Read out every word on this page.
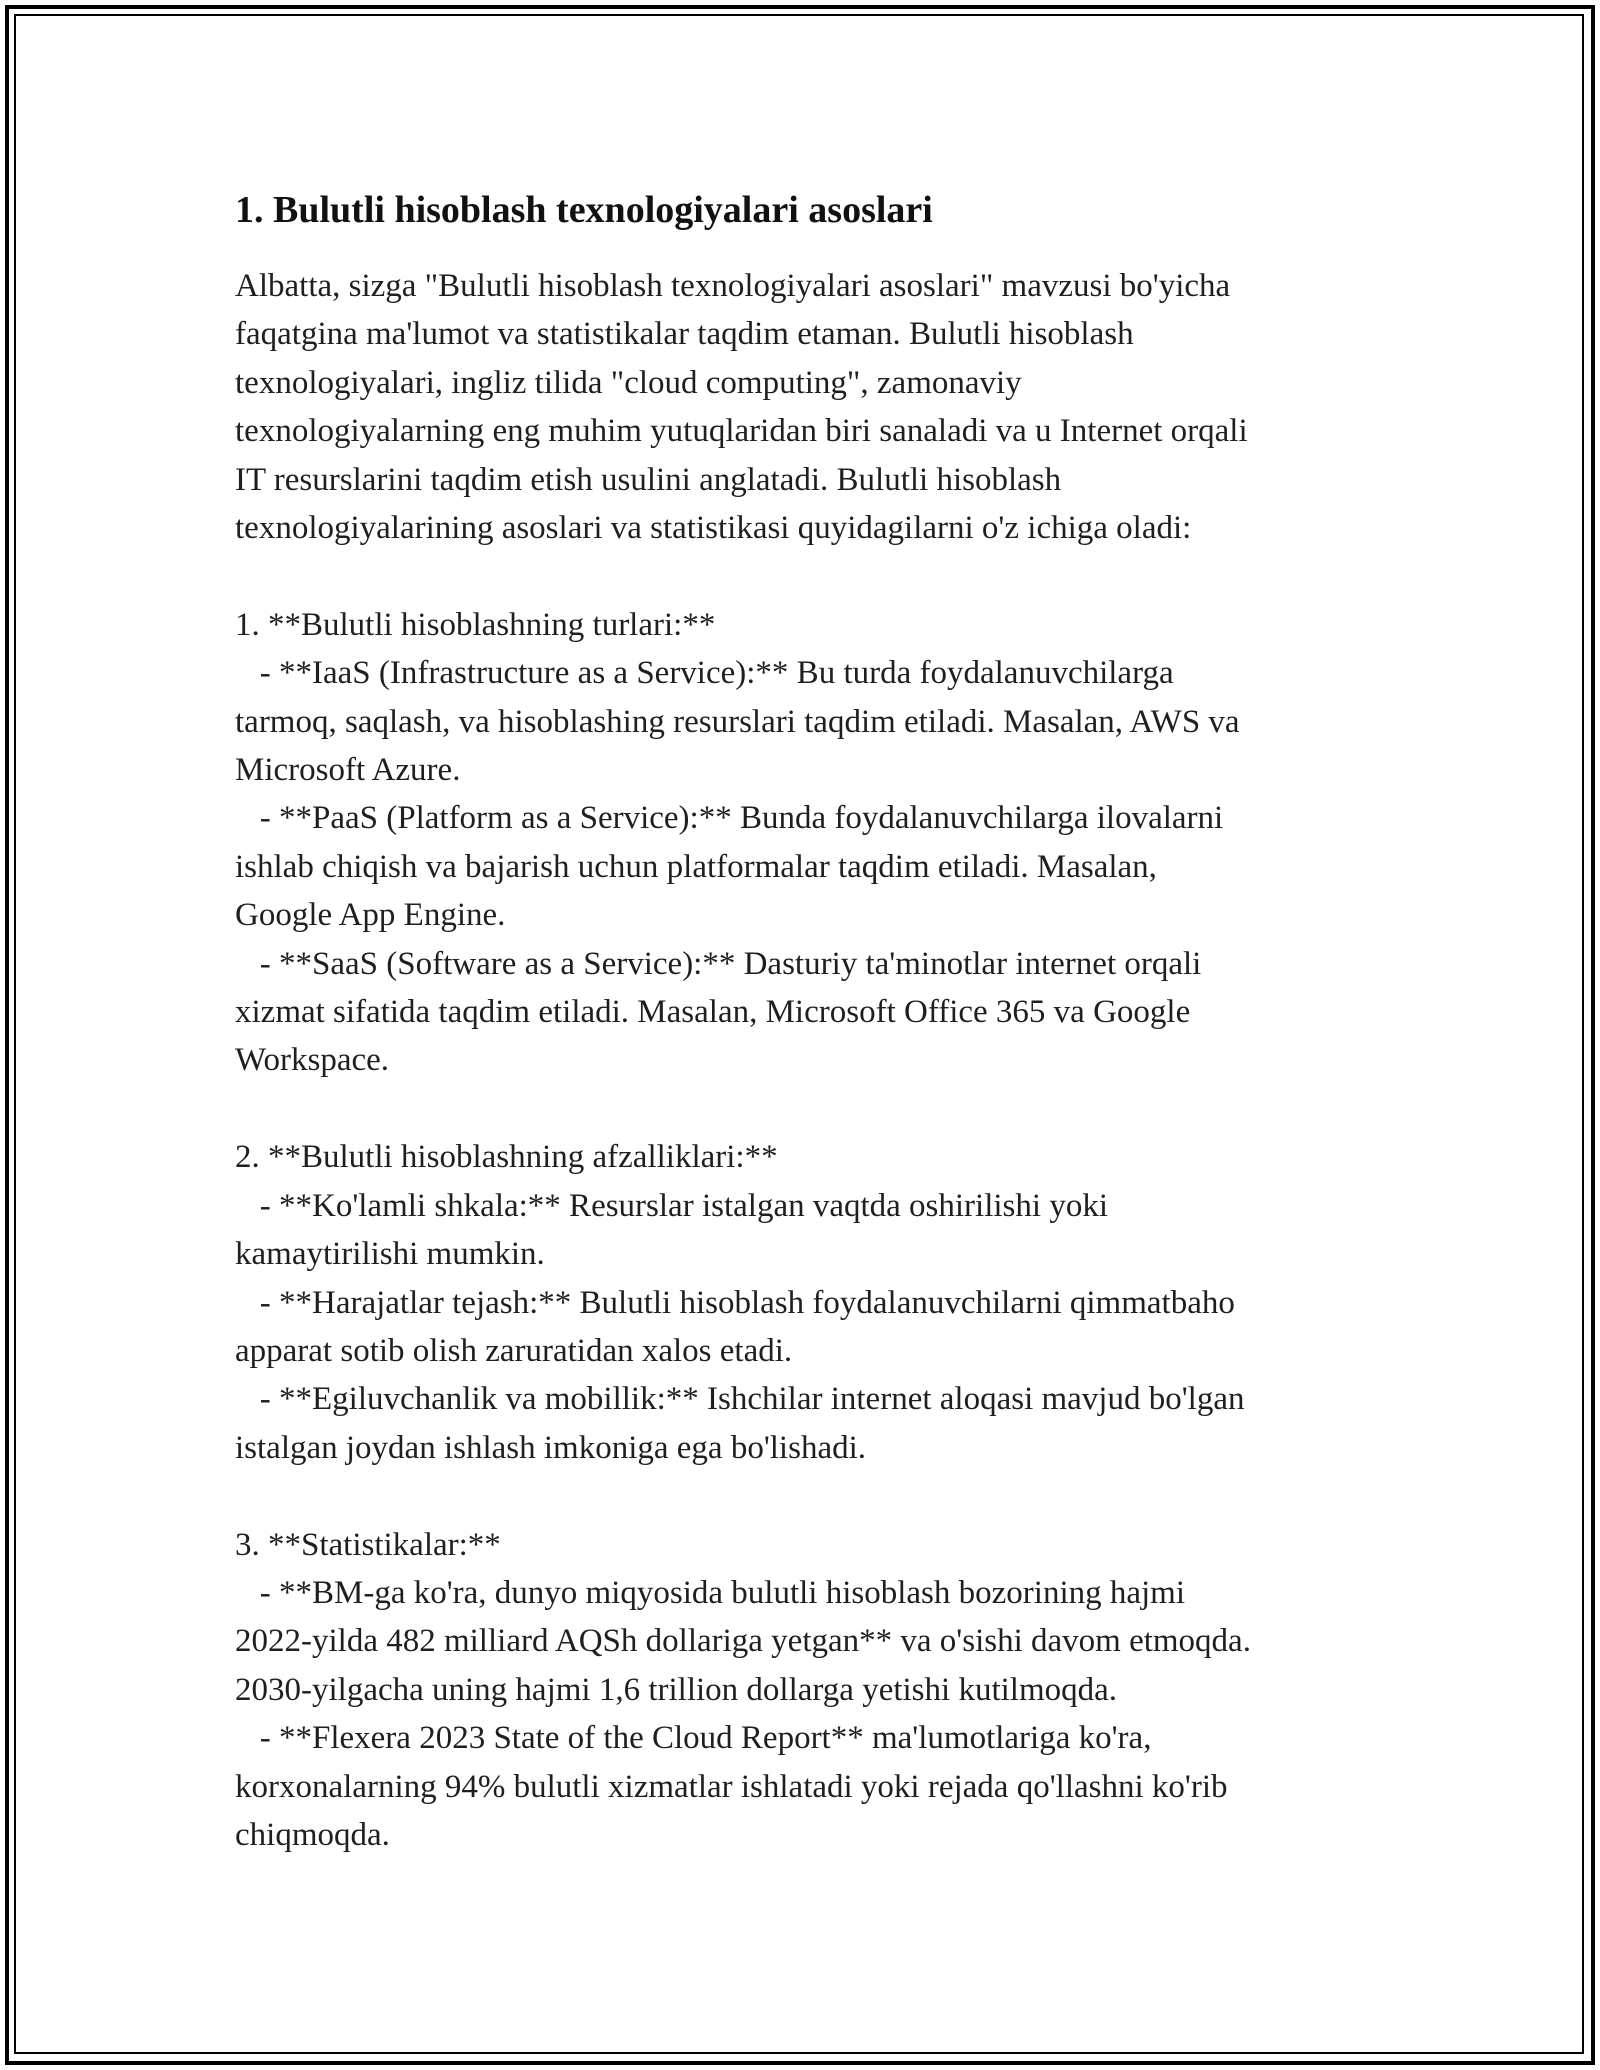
1. Bulutli hisoblash texnologiyalari asoslari
Albatta, sizga "Bulutli hisoblash texnologiyalari asoslari" mavzusi bo'yicha
faqatgina ma'lumot va statistikalar taqdim etaman. Bulutli hisoblash
texnologiyalari, ingliz tilida "cloud computing", zamonaviy
texnologiyalarning eng muhim yutuqlaridan biri sanaladi va u Internet orqali
IT resurslarini taqdim etish usulini anglatadi. Bulutli hisoblash
texnologiyalarining asoslari va statistikasi quyidagilarni o'z ichiga oladi:
1. **Bulutli hisoblashning turlari:**
- **IaaS (Infrastructure as a Service):** Bu turda foydalanuvchilarga
tarmoq, saqlash, va hisoblashing resurslari taqdim etiladi. Masalan, AWS va
Microsoft Azure.
- **PaaS (Platform as a Service):** Bunda foydalanuvchilarga ilovalarni
ishlab chiqish va bajarish uchun platformalar taqdim etiladi. Masalan,
Google App Engine.
- **SaaS (Software as a Service):** Dasturiy ta'minotlar internet orqali
xizmat sifatida taqdim etiladi. Masalan, Microsoft Office 365 va Google
Workspace.
2. **Bulutli hisoblashning afzalliklari:**
- **Ko'lamli shkala:** Resurslar istalgan vaqtda oshirilishi yoki
kamaytirilishi mumkin.
- **Harajatlar tejash:** Bulutli hisoblash foydalanuvchilarni qimmatbaho
apparat sotib olish zaruratidan xalos etadi.
- **Egiluvchanlik va mobillik:** Ishchilar internet aloqasi mavjud bo'lgan
istalgan joydan ishlash imkoniga ega bo'lishadi.
3. **Statistikalar:**
- **BM-ga ko'ra, dunyo miqyosida bulutli hisoblash bozorining hajmi
2022-yilda 482 milliard AQSh dollariga yetgan** va o'sishi davom etmoqda.
2030-yilgacha uning hajmi 1,6 trillion dollarga yetishi kutilmoqda.
- **Flexera 2023 State of the Cloud Report** ma'lumotlariga ko'ra,
korxonalarning 94% bulutli xizmatlar ishlatadi yoki rejada qo'llashni ko'rib
chiqmoqda.
